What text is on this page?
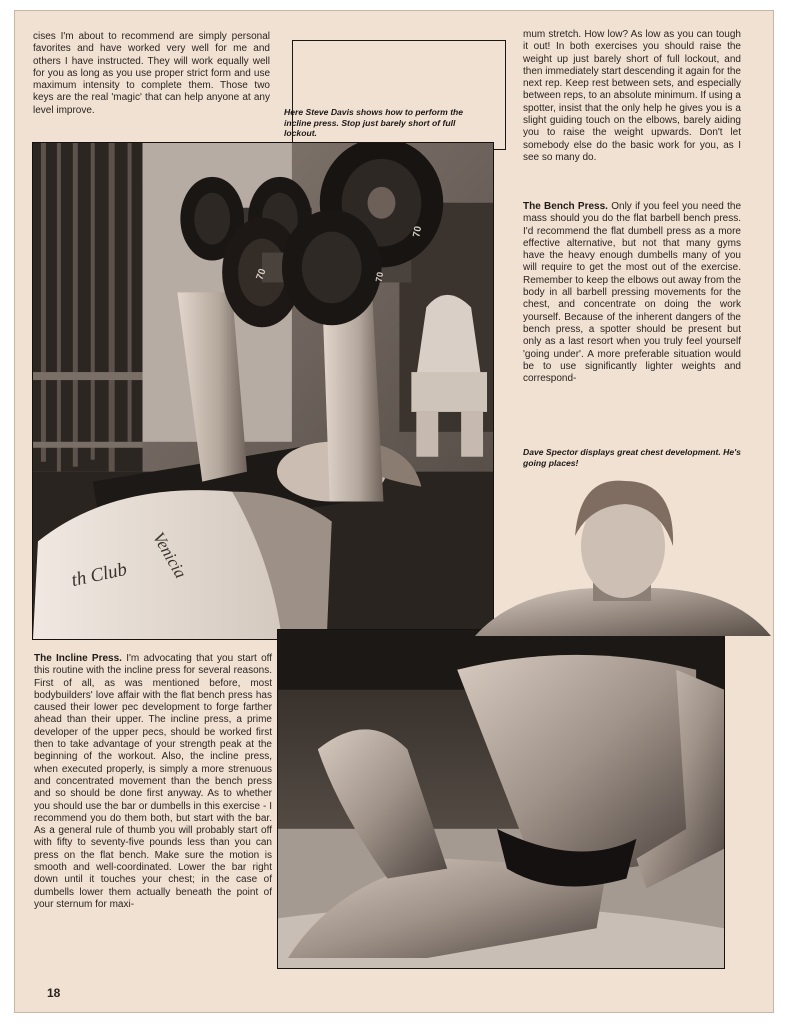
cises I'm about to recommend are simply personal favorites and have worked very well for me and others I have instructed. They will work equally well for you as long as you use proper strict form and use maximum intensity to complete them. Those two keys are the real 'magic' that can help anyone at any level improve.	Here Steve Davis shows how to perform the incline press. Stop just barely short of full lockout.

mum stretch. How low? As low as you can tough it out! In both exercises you should raise the weight up just barely short of full lockout, and then immediately start descending it again for the next rep. Keep rest between sets, and especially between reps, to an absolute minimum. If using a spotter, insist that the only help he gives you is a slight guiding touch on the elbows, barely aiding you to raise the weight upwards. Don't let somebody else do the basic work for you, as I see so many do.

The Bench Press. Only if you feel you need the mass should you do the flat barbell bench press. I'd recommend the flat dumbell press as a more effective alternative, but not that many gyms have the heavy enough dumbells many of you will require to get the most out of the exercise. Remember to keep the elbows out away from the body in all barbell pressing movements for the chest, and concentrate on doing the work yourself. Because of the inherent dangers of the bench press, a spotter should be present but only as a last resort when you truly feel yourself 'going under'. A more preferable situation would be to use significantly lighter weights and correspond-

Dave Spector displays great chest development. He's going places!

70
70
70
Venicia
th Club

The Incline Press. I'm advocating that you start off this routine with the incline press for several reasons. First of all, as was mentioned before, most bodybuilders' love affair with the flat bench press has caused their lower pec development to forge farther ahead than their upper. The incline press, a prime developer of the upper pecs, should be worked first then to take advantage of your strength peak at the beginning of the workout. Also, the incline press, when executed properly, is simply a more strenuous and concentrated movement than the bench press and so should be done first anyway. As to whether you should use the bar or dumbells in this exercise - I recommend you do them both, but start with the bar. As a general rule of thumb you will probably start off with fifty to seventy-five pounds less than you can press on the flat bench. Make sure the motion is smooth and well-coordinated. Lower the bar right down until it touches your chest; in the case of dumbells lower them actually beneath the point of your sternum for maxi-

18
